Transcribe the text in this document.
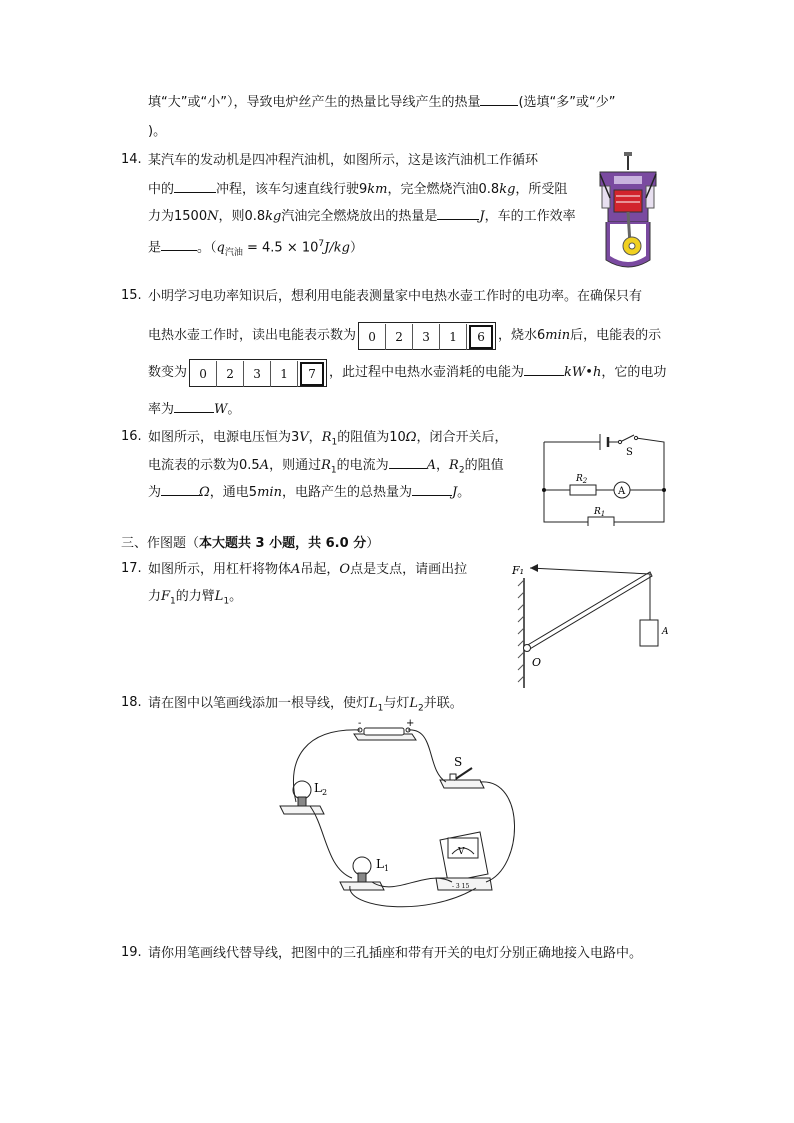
填“大”或“小”），导致电炉丝产生的热量比导线产生的热量	(选填“多”或“少”
)。
14. 某汽车的发动机是四冲程汽油机，如图所示，这是该汽油机工作循环
中的	冲程，该车匀速直线行驶9km，完全燃烧汽油0.8kg，所受阻
力为1500N，则0.8kg汽油完全燃烧放出的热量是	J，车的工作效率
是	。$(q_{汽油} = 4.5 \times 10^7J/kg)$
15. 小明学习电功率知识后，想利用电能表测量家中电热水壶工作时的电功率。在确保只有
电热水壶工作时，读出电能表示数为 0 2 3 1 6 ，烧水6min后，电能表的示
数变为 0 2 3 1 7 ，此过程中电热水壶消耗的电能为	kW•h，它的电功
率为	W。
16. 如图所示，电源电压恒为3V，$R_1$的阻值为10Ω，闭合开关后，
电流表的示数为0.5A，则通过$R_1$的电流为	A，$R_2$的阻值
为	Ω，通电5min，电路产生的总热量为	J。
S
$R_2$
A
$R_1$
三、作图题（本大题共 3 小题，共 6.0 分）
17. 如图所示，用杠杆将物体A吊起，O点是支点，请画出拉
力$F_1$的力臂$L_1$。
F₁
O
A
18. 请在图中以笔画线添加一根导线，使灯$L_1$与灯$L_2$并联。
-	+
S
$L_2$
$L_1$
V
- 3 15
19. 请你用笔画线代替导线，把图中的三孔插座和带有开关的电灯分别正确地接入电路中。
